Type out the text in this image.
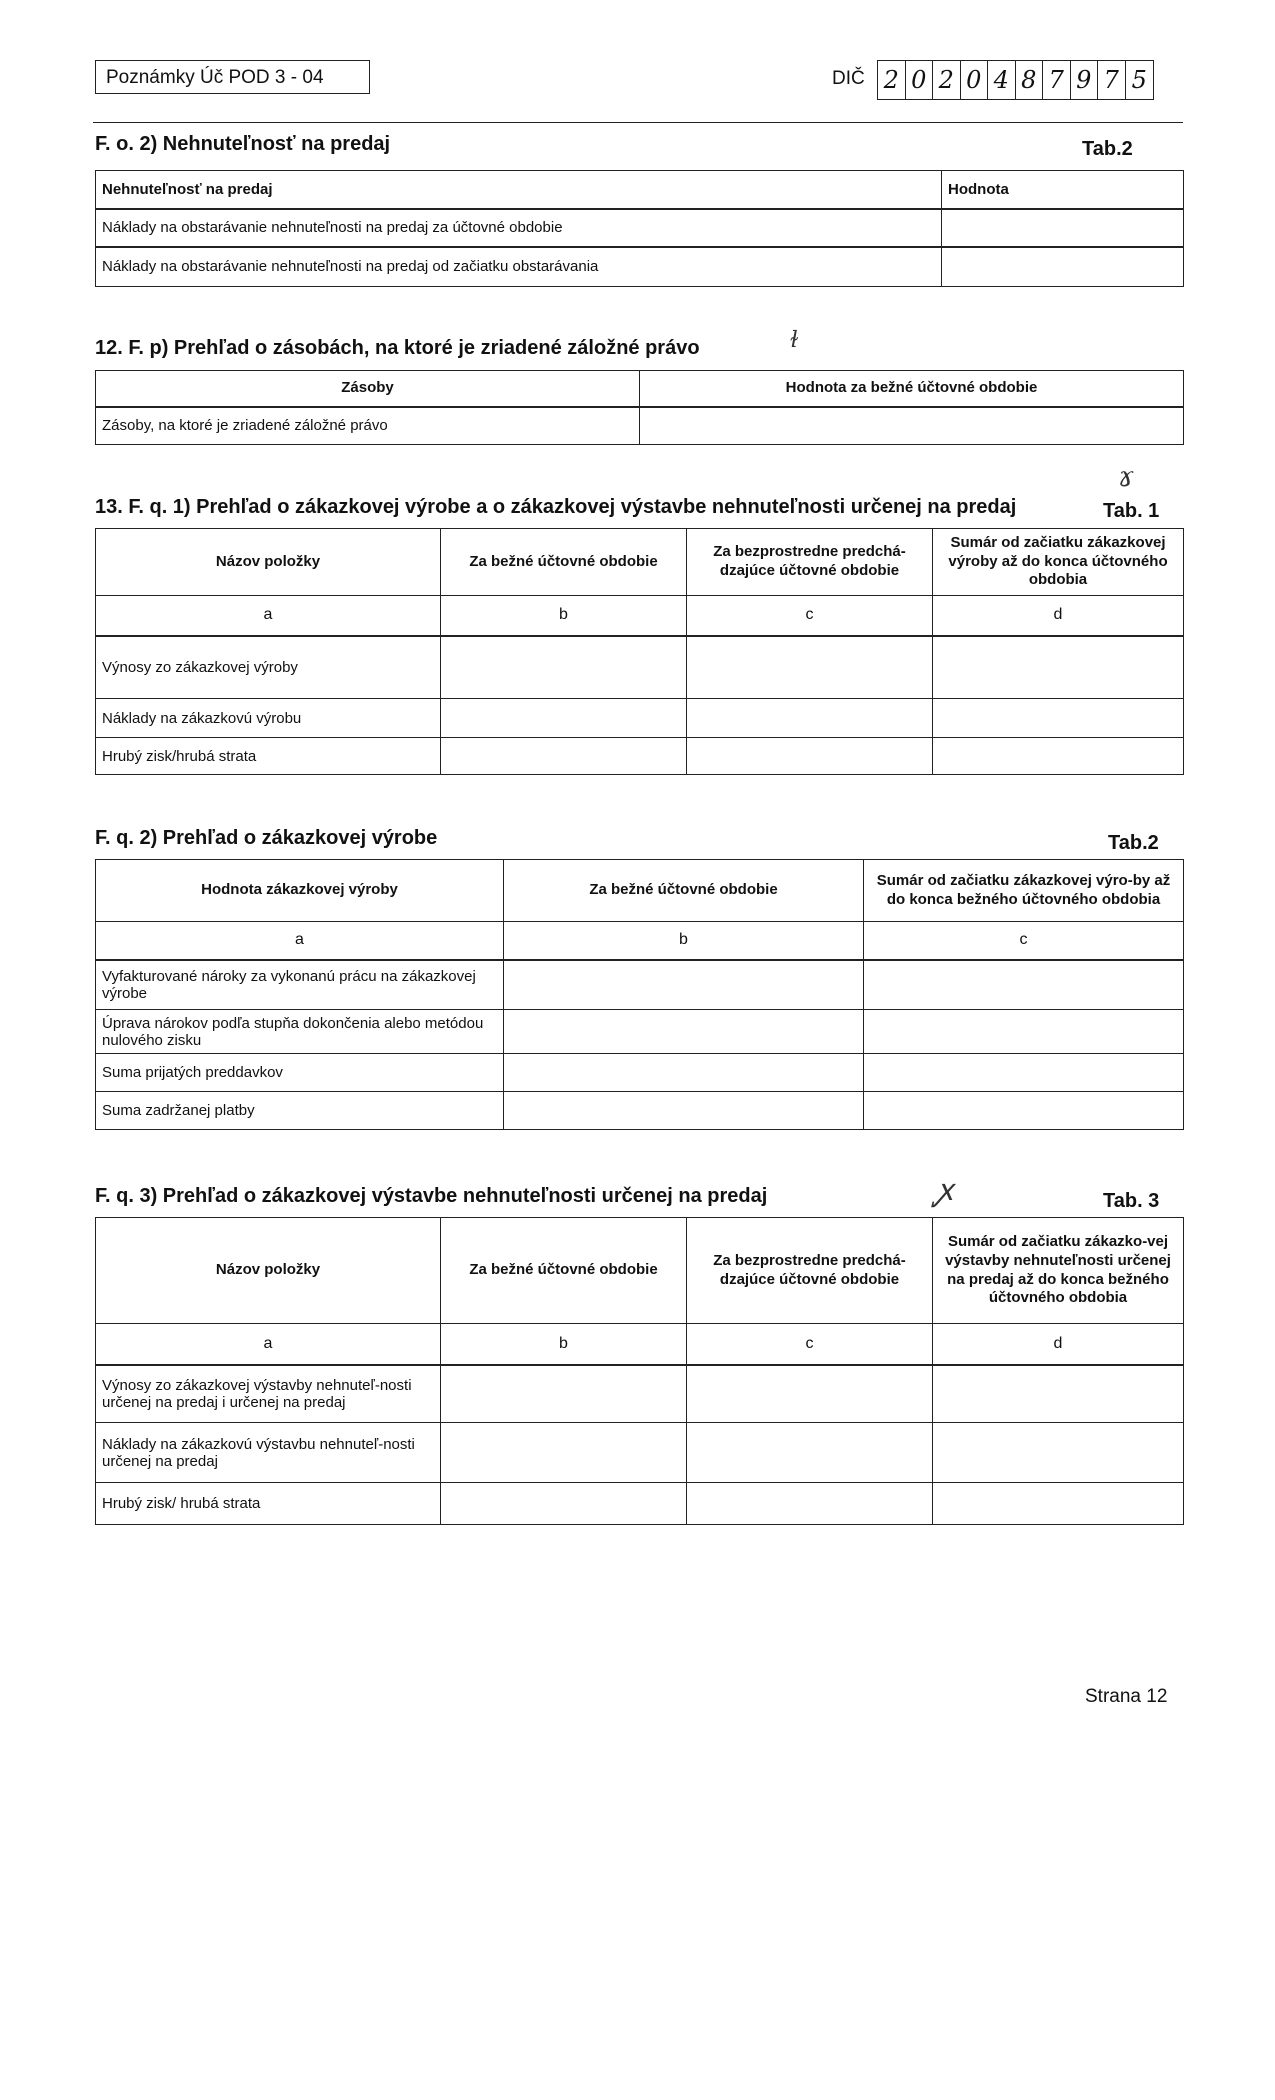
Poznámky Úč POD 3 - 04	DIČ 2 0 2 0 4 8 7 9 7 5
F. o. 2) Nehnuteľnosť na predaj	Tab.2
Nehnuteľnosť na predaj	Hodnota
Náklady na obstarávanie nehnuteľnosti na predaj za účtovné obdobie	
Náklady na obstarávanie nehnuteľnosti na predaj od začiatku obstarávania	
12. F. p) Prehľad o zásobách, na ktoré je zriadené záložné právo	ɫ
Zásoby	Hodnota za bežné účtovné obdobie
Zásoby, na ktoré je zriadené záložné právo	
ɤ
13. F. q. 1) Prehľad o zákazkovej výrobe a o zákazkovej výstavbe nehnuteľnosti určenej na predaj	Tab. 1
Názov položky	Za bežné účtovné obdobie	Za bezprostredne predchá-dzajúce účtovné obdobie	Sumár od začiatku zákazkovej výroby až do konca účtovného obdobia
a	b	c	d
Výnosy zo zákazkovej výroby			
Náklady na zákazkovú výrobu			
Hrubý zisk/hrubá strata			
F. q. 2) Prehľad o zákazkovej výrobe	Tab.2
Hodnota zákazkovej výroby	Za bežné účtovné obdobie	Sumár od začiatku zákazkovej výro-by až do konca bežného účtovného obdobia
a	b	c
Vyfakturované nároky za vykonanú prácu na zákazkovej výrobe		
Úprava nárokov podľa stupňa dokončenia alebo metódou nulového zisku		
Suma prijatých preddavkov		
Suma zadržanej platby		
F. q. 3) Prehľad o zákazkovej výstavbe nehnuteľnosti určenej na predaj	ꭙ	Tab. 3
Názov položky	Za bežné účtovné obdobie	Za bezprostredne predchá-dzajúce účtovné obdobie	Sumár od začiatku zákazko-vej výstavby nehnuteľnosti určenej na predaj až do konca bežného účtovného obdobia
a	b	c	d
Výnosy zo zákazkovej výstavby nehnuteľ-nosti určenej na predaj i určenej na predaj			
Náklady na zákazkovú výstavbu nehnuteľ-nosti určenej na predaj			
Hrubý zisk/ hrubá strata			
Strana 12
